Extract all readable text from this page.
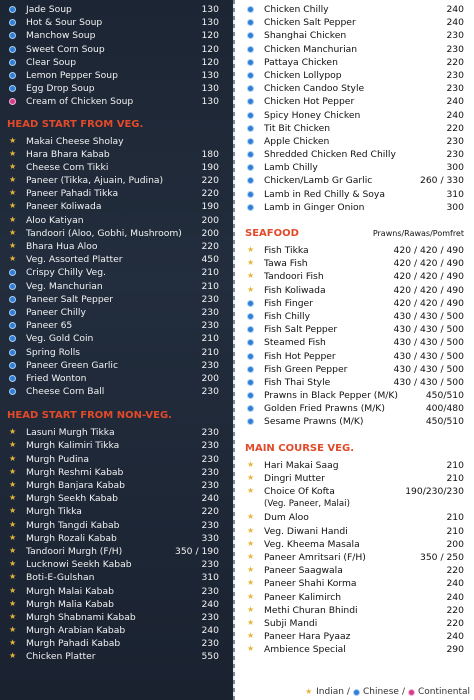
Jade Soup	130
Hot & Sour Soup	130
Manchow Soup	120
Sweet Corn Soup	120
Clear Soup	120
Lemon Pepper Soup	130
Egg Drop Soup	130
Cream of Chicken Soup	130
HEAD START FROM VEG.
★ Makai Cheese Sholay
★ Hara Bhara Kabab	180
★ Cheese Corn Tikki	190
★ Paneer (Tikka, Ajuain, Pudina)	220
★ Paneer Pahadi Tikka	220
★ Paneer Koliwada	190
★ Aloo Katiyan	200
★ Tandoori (Aloo, Gobhi, Mushroom) 200
★ Bhara Hua Aloo	220
★ Veg. Assorted Platter	450
Crispy Chilly Veg.	210
Veg. Manchurian	210
Paneer Salt Pepper	230
Paneer Chilly	230
Paneer 65	230
Veg. Gold Coin	210
Spring Rolls	210
Paneer Green Garlic	230
Fried Wonton	200
Cheese Corn Ball	230
HEAD START FROM NON-VEG.
★ Lasuni Murgh Tikka	230
★ Murgh Kalimiri Tikka	230
★ Murgh Pudina	230
★ Murgh Reshmi Kabab	230
★ Murgh Banjara Kabab	230
★ Murgh Seekh Kabab	240
★ Murgh Tikka	220
★ Murgh Tangdi Kabab	230
★ Murgh Rozali Kabab	330
★ Tandoori Murgh (F/H)	350 / 190
★ Lucknowi Seekh Kabab	230
★ Boti-E-Gulshan	310
★ Murgh Malai Kabab	230
★ Murgh Malia Kabab	240
★ Murgh Shabnami Kabab	230
★ Murgh Arabian Kabab	240
★ Murgh Pahadi Kabab	230
★ Chicken Platter	550
Chicken Chilly	240
Chicken Salt Pepper	240
Shanghai Chicken	230
Chicken Manchurian	230
Pattaya Chicken	220
Chicken Lollypop	230
Chicken Candoo Style	230
Chicken Hot Pepper	240
Spicy Honey Chicken	240
Tit Bit Chicken	220
Apple Chicken	230
Shredded Chicken Red Chilly	230
Lamb Chilly	300
Chicken/Lamb Gr Garlic	260 / 330
Lamb in Red Chilly & Soya	310
Lamb in Ginger Onion	300
SEAFOOD	Prawns/Rawas/Pomfret
★ Fish Tikka	420 / 420 / 490
★ Tawa Fish	420 / 420 / 490
★ Tandoori Fish	420 / 420 / 490
★ Fish Koliwada	420 / 420 / 490
Fish Finger	420 / 420 / 490
Fish Chilly	430 / 430 / 500
Fish Salt Pepper	430 / 430 / 500
Steamed Fish	430 / 430 / 500
Fish Hot Pepper	430 / 430 / 500
Fish Green Pepper	430 / 430 / 500
Fish Thai Style	430 / 430 / 500
Prawns in Black Pepper (M/K)	450/510
Golden Fried Prawns (M/K)	400/480
Sesame Prawns (M/K)	450/510
MAIN COURSE VEG.
★ Hari Makai Saag	210
★ Dingri Mutter	210
★ Choice Of Kofta	190/230/230
(Veg. Paneer, Malai)
★ Dum Aloo	210
★ Veg. Diwani Handi	210
★ Veg. Kheema Masala	200
★ Paneer Amritsari (F/H)	350 / 250
★ Paneer Saagwala	220
★ Paneer Shahi Korma	240
★ Paneer Kalimirch	240
★ Methi Churan Bhindi	220
★ Subji Mandi	220
★ Paneer Hara Pyaaz	240
★ Ambience Special	290
★ Indian / Chinese / Continental
